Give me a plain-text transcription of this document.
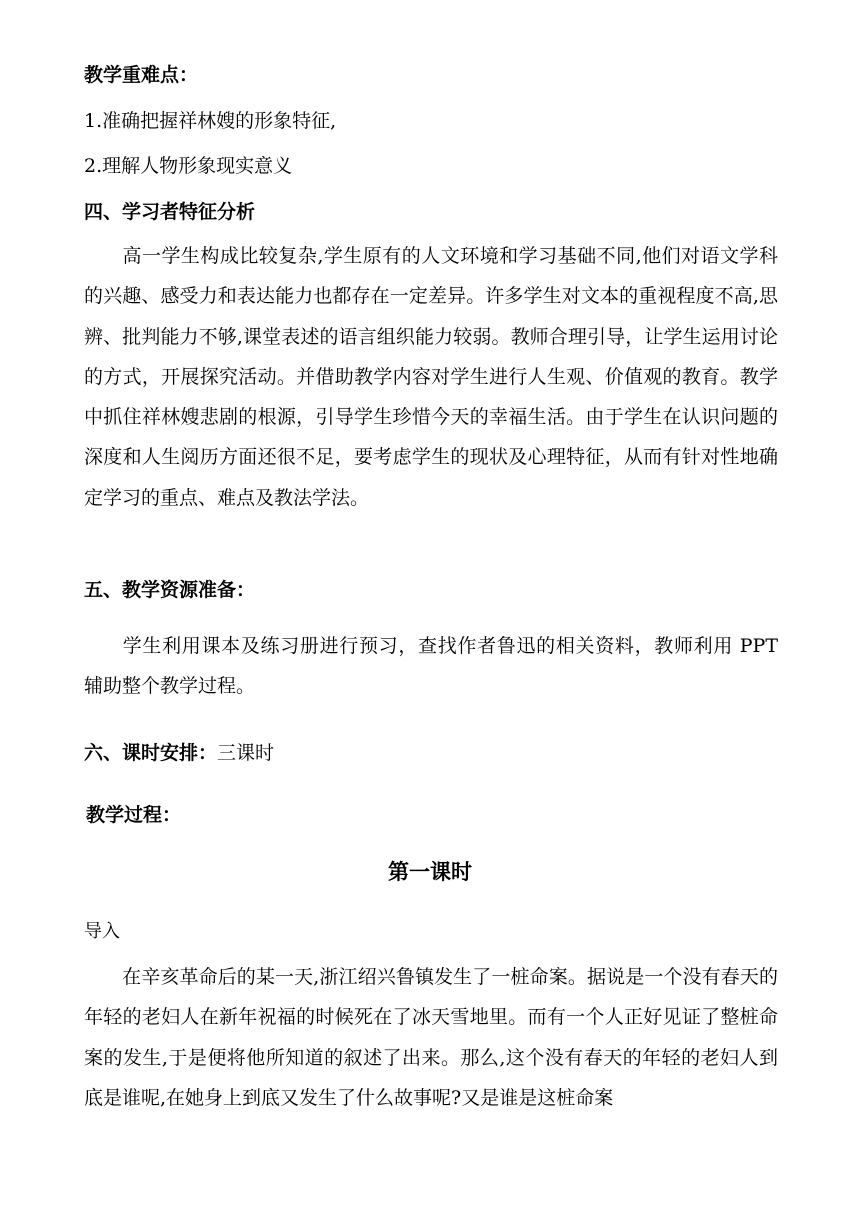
教学重难点：
1.准确把握祥林嫂的形象特征,
2.理解人物形象现实意义
四、学习者特征分析
高一学生构成比较复杂,学生原有的人文环境和学习基础不同,他们对语文学科的兴趣、感受力和表达能力也都存在一定差异。许多学生对文本的重视程度不高,思辨、批判能力不够,课堂表述的语言组织能力较弱。教师合理引导，让学生运用讨论的方式，开展探究活动。并借助教学内容对学生进行人生观、价值观的教育。教学中抓住祥林嫂悲剧的根源，引导学生珍惜今天的幸福生活。由于学生在认识问题的深度和人生阅历方面还很不足，要考虑学生的现状及心理特征，从而有针对性地确定学习的重点、难点及教法学法。
五、教学资源准备：
学生利用课本及练习册进行预习，查找作者鲁迅的相关资料，教师利用 PPT 辅助整个教学过程。
六、课时安排：三课时
教学过程：
第一课时
导入
在辛亥革命后的某一天,浙江绍兴鲁镇发生了一桩命案。据说是一个没有春天的年轻的老妇人在新年祝福的时候死在了冰天雪地里。而有一个人正好见证了整桩命案的发生,于是便将他所知道的叙述了出来。那么,这个没有春天的年轻的老妇人到底是谁呢,在她身上到底又发生了什么故事呢?又是谁是这桩命案
